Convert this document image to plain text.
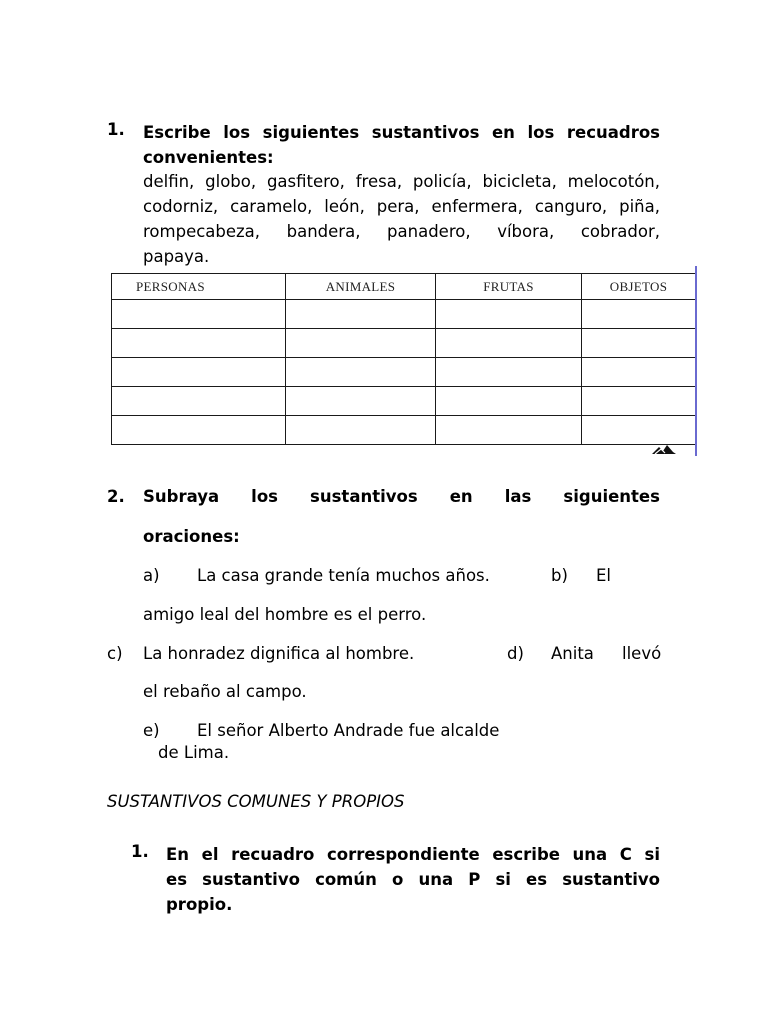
1. Escribe los siguientes sustantivos en los recuadros
convenientes:
delfin, globo, gasfitero, fresa, policía, bicicleta, melocotón,
codorniz, caramelo, león, pera, enfermera, canguro, piña,
rompecabeza, bandera, panadero, víbora, cobrador,
papaya.
PERSONAS	ANIMALES	FRUTAS	OBJETOS

2. Subraya los sustantivos en las siguientes
oraciones:
a) La casa grande tenía muchos años.	b) El
amigo leal del hombre es el perro.
c) La honradez dignifica al hombre.	d) Anita llevó
el rebaño al campo.
e) El señor Alberto Andrade fue alcalde
de Lima.
SUSTANTIVOS COMUNES Y PROPIOS
1. En el recuadro correspondiente escribe una C si
es sustantivo común o una P si es sustantivo
propio.
